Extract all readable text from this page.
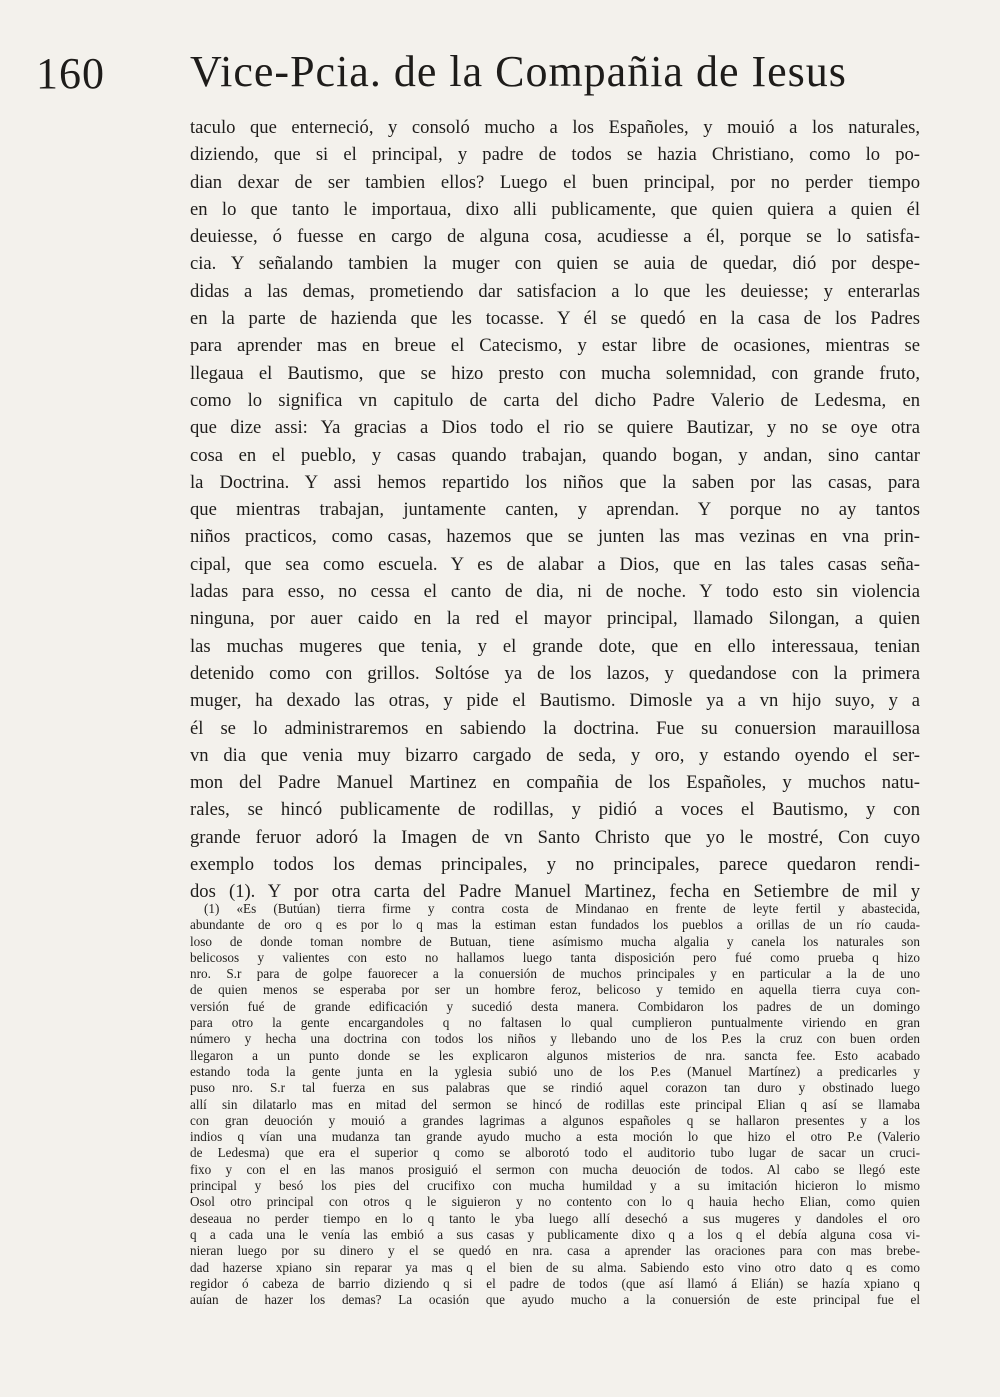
160 Vice-Pcia. de la Compañia de Iesus
taculo que enterneció, y consoló mucho a los Españoles, y mouió a los naturales,
diziendo, que si el principal, y padre de todos se hazia Christiano, como lo po-
dian dexar de ser tambien ellos? Luego el buen principal, por no perder tiempo
en lo que tanto le importaua, dixo alli publicamente, que quien quiera a quien él
deuiesse, ó fuesse en cargo de alguna cosa, acudiesse a él, porque se lo satisfa-
cia. Y señalando tambien la muger con quien se auia de quedar, dió por despe-
didas a las demas, prometiendo dar satisfacion a lo que les deuiesse; y enterarlas
en la parte de hazienda que les tocasse. Y él se quedó en la casa de los Padres
para aprender mas en breue el Catecismo, y estar libre de ocasiones, mientras se
llegaua el Bautismo, que se hizo presto con mucha solemnidad, con grande fruto,
como lo significa vn capitulo de carta del dicho Padre Valerio de Ledesma, en
que dize assi: Ya gracias a Dios todo el rio se quiere Bautizar, y no se oye otra
cosa en el pueblo, y casas quando trabajan, quando bogan, y andan, sino cantar
la Doctrina. Y assi hemos repartido los niños que la saben por las casas, para
que mientras trabajan, juntamente canten, y aprendan. Y porque no ay tantos
niños practicos, como casas, hazemos que se junten las mas vezinas en vna prin-
cipal, que sea como escuela. Y es de alabar a Dios, que en las tales casas seña-
ladas para esso, no cessa el canto de dia, ni de noche. Y todo esto sin violencia
ninguna, por auer caido en la red el mayor principal, llamado Silongan, a quien
las muchas mugeres que tenia, y el grande dote, que en ello interessaua, tenian
detenido como con grillos. Soltóse ya de los lazos, y quedandose con la primera
muger, ha dexado las otras, y pide el Bautismo. Dimosle ya a vn hijo suyo, y a
él se lo administraremos en sabiendo la doctrina. Fue su conuersion marauillosa
vn dia que venia muy bizarro cargado de seda, y oro, y estando oyendo el ser-
mon del Padre Manuel Martinez en compañia de los Españoles, y muchos natu-
rales, se hincó publicamente de rodillas, y pidió a voces el Bautismo, y con
grande feruor adoró la Imagen de vn Santo Christo que yo le mostré, Con cuyo
exemplo todos los demas principales, y no principales, parece quedaron rendi-
dos (1). Y por otra carta del Padre Manuel Martinez, fecha en Setiembre de mil y
(1) «Es (Butúan) tierra firme y contra costa de Mindanao en frente de leyte fertil y abastecida,
abundante de oro q es por lo q mas la estiman estan fundados los pueblos a orillas de un río cauda-
loso de donde toman nombre de Butuan, tiene asímismo mucha algalia y canela los naturales son
belicosos y valientes con esto no hallamos luego tanta disposición pero fué como prueba q hizo
nro. S.r para de golpe fauorecer a la conuersión de muchos principales y en particular a la de uno
de quien menos se esperaba por ser un hombre feroz, belicoso y temido en aquella tierra cuya con-
versión fué de grande edificación y sucedió desta manera. Combidaron los padres de un domingo
para otro la gente encargandoles q no faltasen lo qual cumplieron puntualmente viriendo en gran
número y hecha una doctrina con todos los niños y llebando uno de los P.es la cruz con buen orden
llegaron a un punto donde se les explicaron algunos misterios de nra. sancta fee. Esto acabado
estando toda la gente junta en la yglesia subió uno de los P.es (Manuel Martínez) a predicarles y
puso nro. S.r tal fuerza en sus palabras que se rindió aquel corazon tan duro y obstinado luego
allí sin dilatarlo mas en mitad del sermon se hincó de rodillas este principal Elian q así se llamaba
con gran deuoción y mouió a grandes lagrimas a algunos españoles q se hallaron presentes y a los
indios q vían una mudanza tan grande ayudo mucho a esta moción lo que hizo el otro P.e (Valerio
de Ledesma) que era el superior q como se alborotó todo el auditorio tubo lugar de sacar un cruci-
fixo y con el en las manos prosiguió el sermon con mucha deuoción de todos. Al cabo se llegó este
principal y besó los pies del crucifixo con mucha humildad y a su imitación hicieron lo mismo
Osol otro principal con otros q le siguieron y no contento con lo q hauia hecho Elian, como quien
deseaua no perder tiempo en lo q tanto le yba luego allí desechó a sus mugeres y dandoles el oro
q a cada una le venía las embió a sus casas y publicamente dixo q a los q el debía alguna cosa vi-
nieran luego por su dinero y el se quedó en nra. casa a aprender las oraciones para con mas brebe-
dad hazerse xpiano sin reparar ya mas q el bien de su alma. Sabiendo esto vino otro dato q es como
regidor ó cabeza de barrio diziendo q si el padre de todos (que así llamó á Elián) se hazía xpiano q
auían de hazer los demas? La ocasión que ayudo mucho a la conuersión de este principal fue el
